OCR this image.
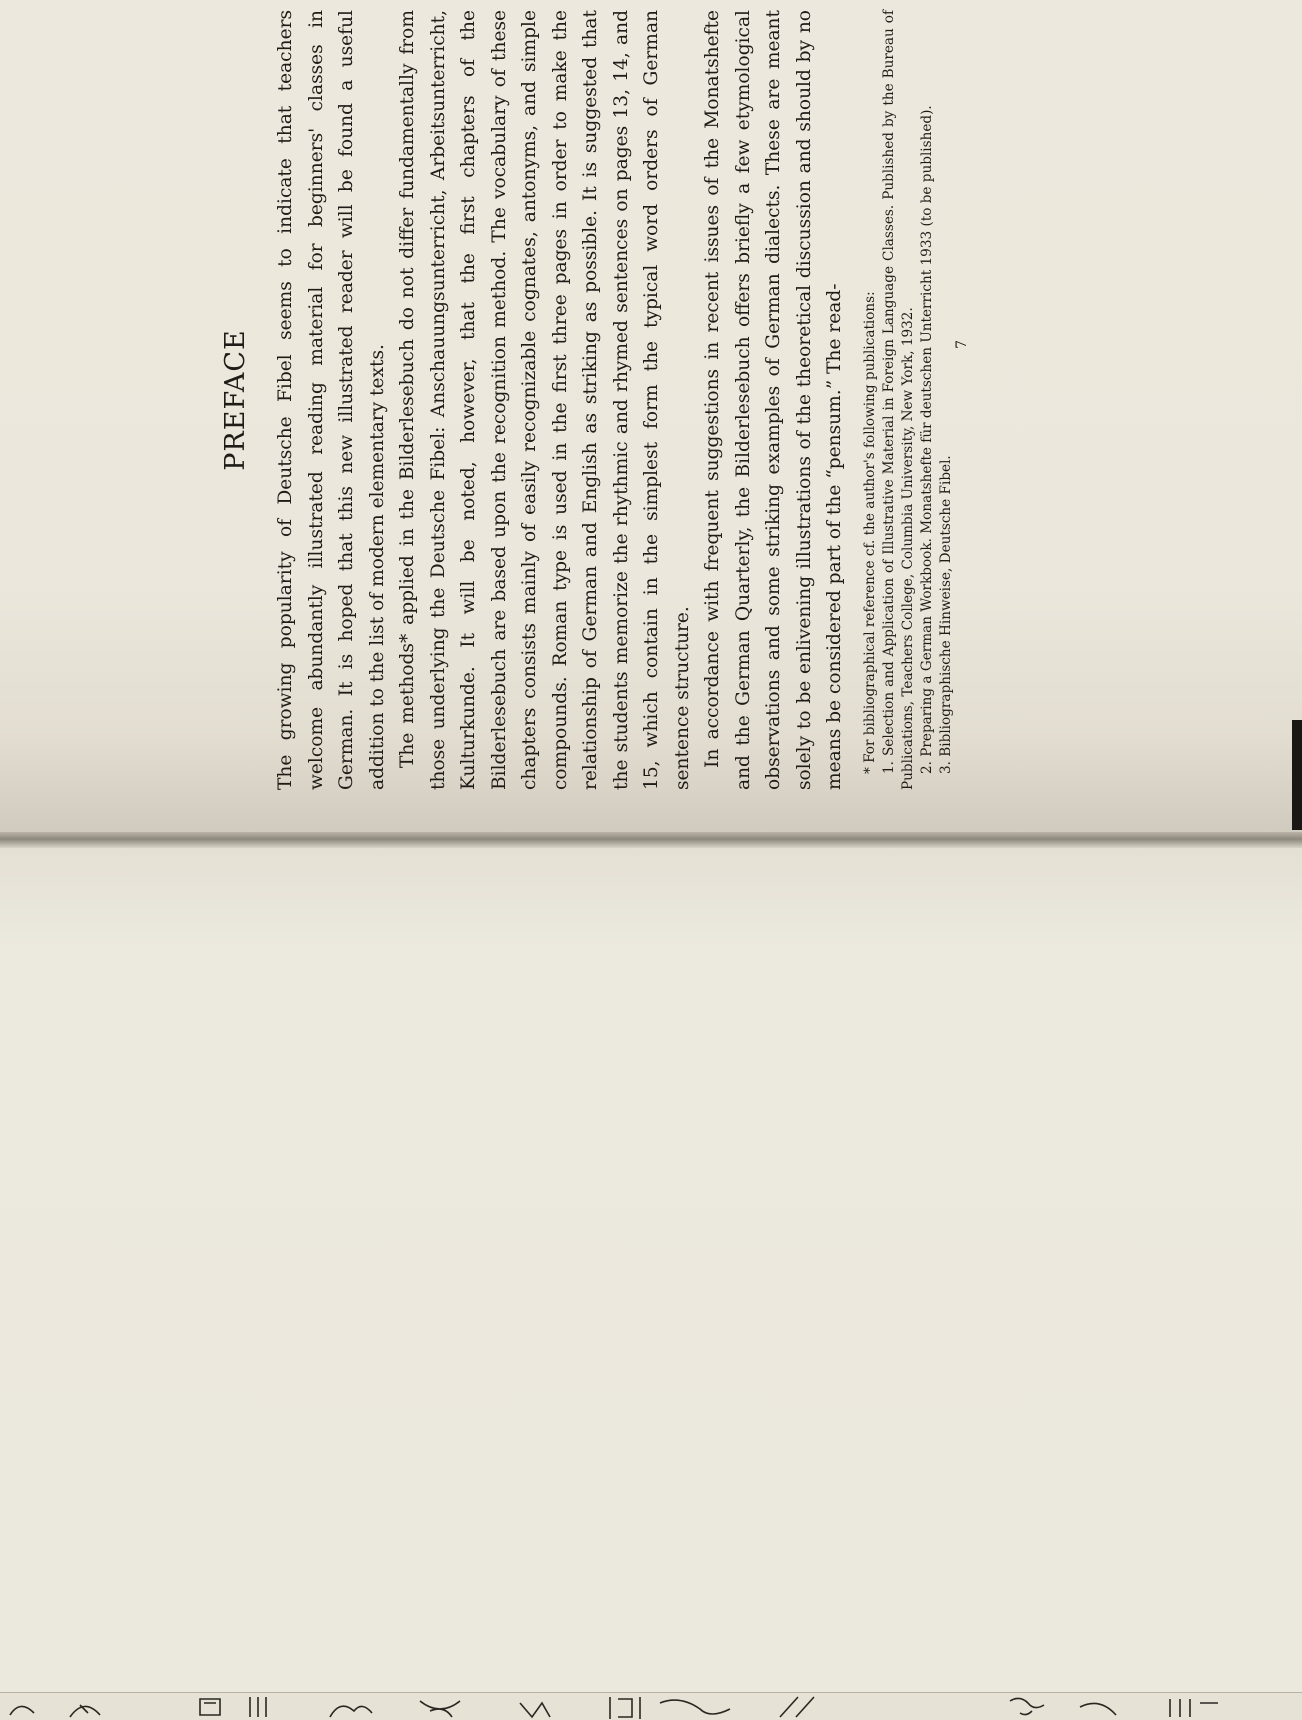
PREFACE The growing popularity of Deutsche Fibel seems to indicate that teachers welcome abundantly illustrated reading material for beginners' classes in German. It is hoped that this new illustrated reader will be found a useful addition to the list of modern elementary texts. The methods* applied in the Bilderlesebuch do not differ fundamentally from those underlying the Deutsche Fibel: Anschauungsunterricht, Arbeitsunterricht, Kulturkunde. It will be noted, however, that the first chapters of the Bilderlesebuch are based upon the recognition method. The vocabulary of these chapters consists mainly of easily recognizable cognates, antonyms, and simple compounds. Roman type is used in the first three pages in order to make the relationship of German and English as striking as possible. It is suggested that the students memorize the rhythmic and rhymed sentences on pages 13, 14, and 15, which contain in the simplest form the typical word orders of German sentence structure. In accordance with frequent suggestions in recent issues of the Monatshefte and the German Quarterly, the Bilderlesebuch offers briefly a few etymological observations and some striking examples of German dialects. These are meant solely to be enlivening illustrations of the theoretical discussion and should by no means be considered part of the “pensum.” The read-	* For bibliographical reference cf. the author's following publications: 1. Selection and Application of Illustrative Material in Foreign Language Classes. Published by the Bureau of Publications, Teachers College, Columbia University, New York, 1932. 2. Preparing a German Workbook. Monatshefte für deutschen Unterricht 1933 (to be published). 3. Bibliographische Hinweise, Deutsche Fibel.

7
